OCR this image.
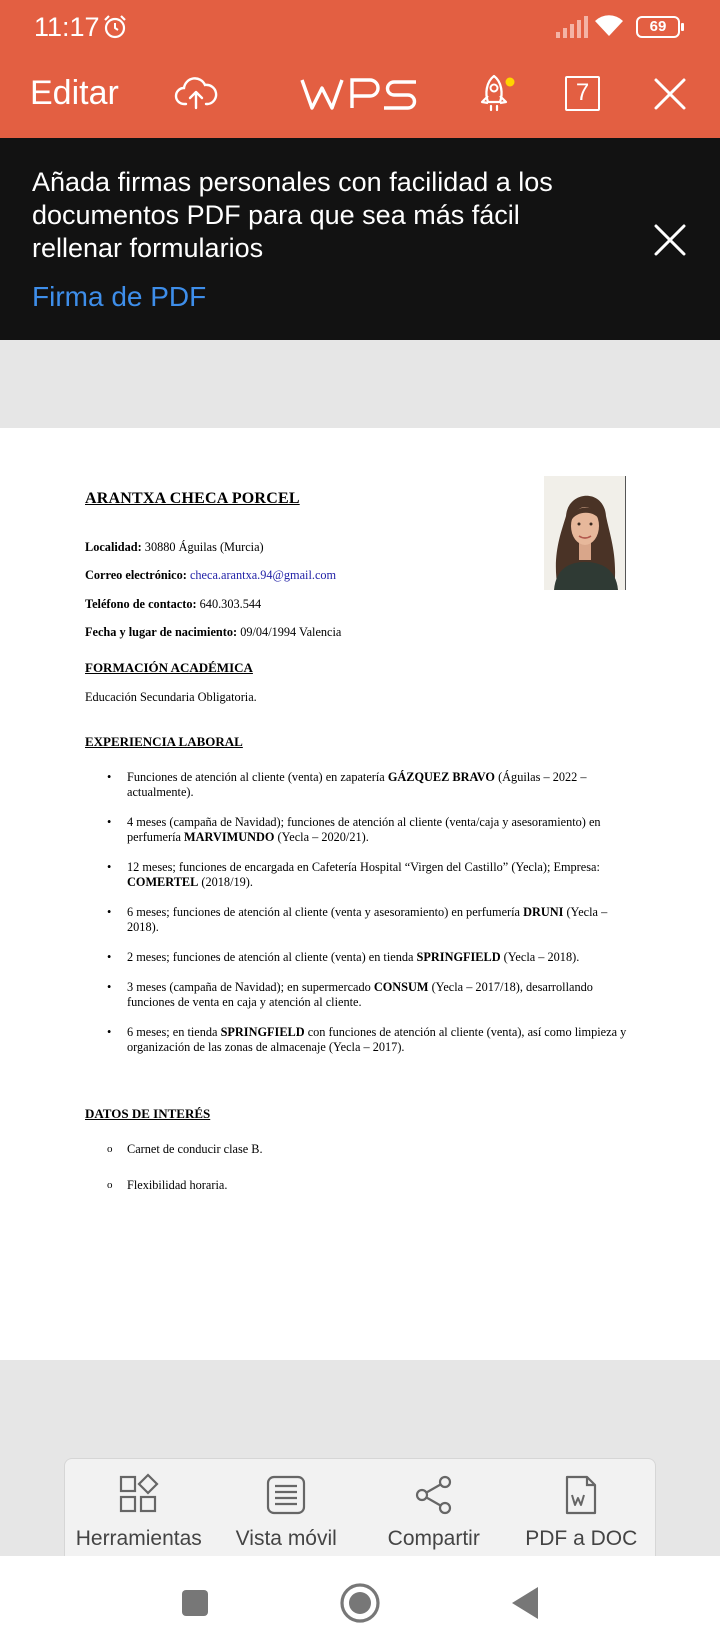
11:17	69
Editar	7
Añada firmas personales con facilidad a los documentos PDF para que sea más fácil rellenar formularios
Firma de PDF
ARANTXA CHECA PORCEL
Localidad: 30880 Águilas (Murcia)
Correo electrónico: checa.arantxa.94@gmail.com
Teléfono de contacto: 640.303.544
Fecha y lugar de nacimiento: 09/04/1994 Valencia
FORMACIÓN ACADÉMICA
Educación Secundaria Obligatoria.
EXPERIENCIA LABORAL
• Funciones de atención al cliente (venta) en zapatería GÁZQUEZ BRAVO (Águilas – 2022 – actualmente).
• 4 meses (campaña de Navidad); funciones de atención al cliente (venta/caja y asesoramiento) en perfumería MARVIMUNDO (Yecla – 2020/21).
• 12 meses; funciones de encargada en Cafetería Hospital “Virgen del Castillo” (Yecla); Empresa: COMERTEL (2018/19).
• 6 meses; funciones de atención al cliente (venta y asesoramiento) en perfumería DRUNI (Yecla – 2018).
• 2 meses; funciones de atención al cliente (venta) en tienda SPRINGFIELD (Yecla – 2018).
• 3 meses (campaña de Navidad); en supermercado CONSUM (Yecla – 2017/18), desarrollando funciones de venta en caja y atención al cliente.
• 6 meses; en tienda SPRINGFIELD con funciones de atención al cliente (venta), así como limpieza y organización de las zonas de almacenaje (Yecla – 2017).
DATOS DE INTERÉS
o Carnet de conducir clase B.
o Flexibilidad horaria.
Herramientas Vista móvil Compartir PDF a DOC
